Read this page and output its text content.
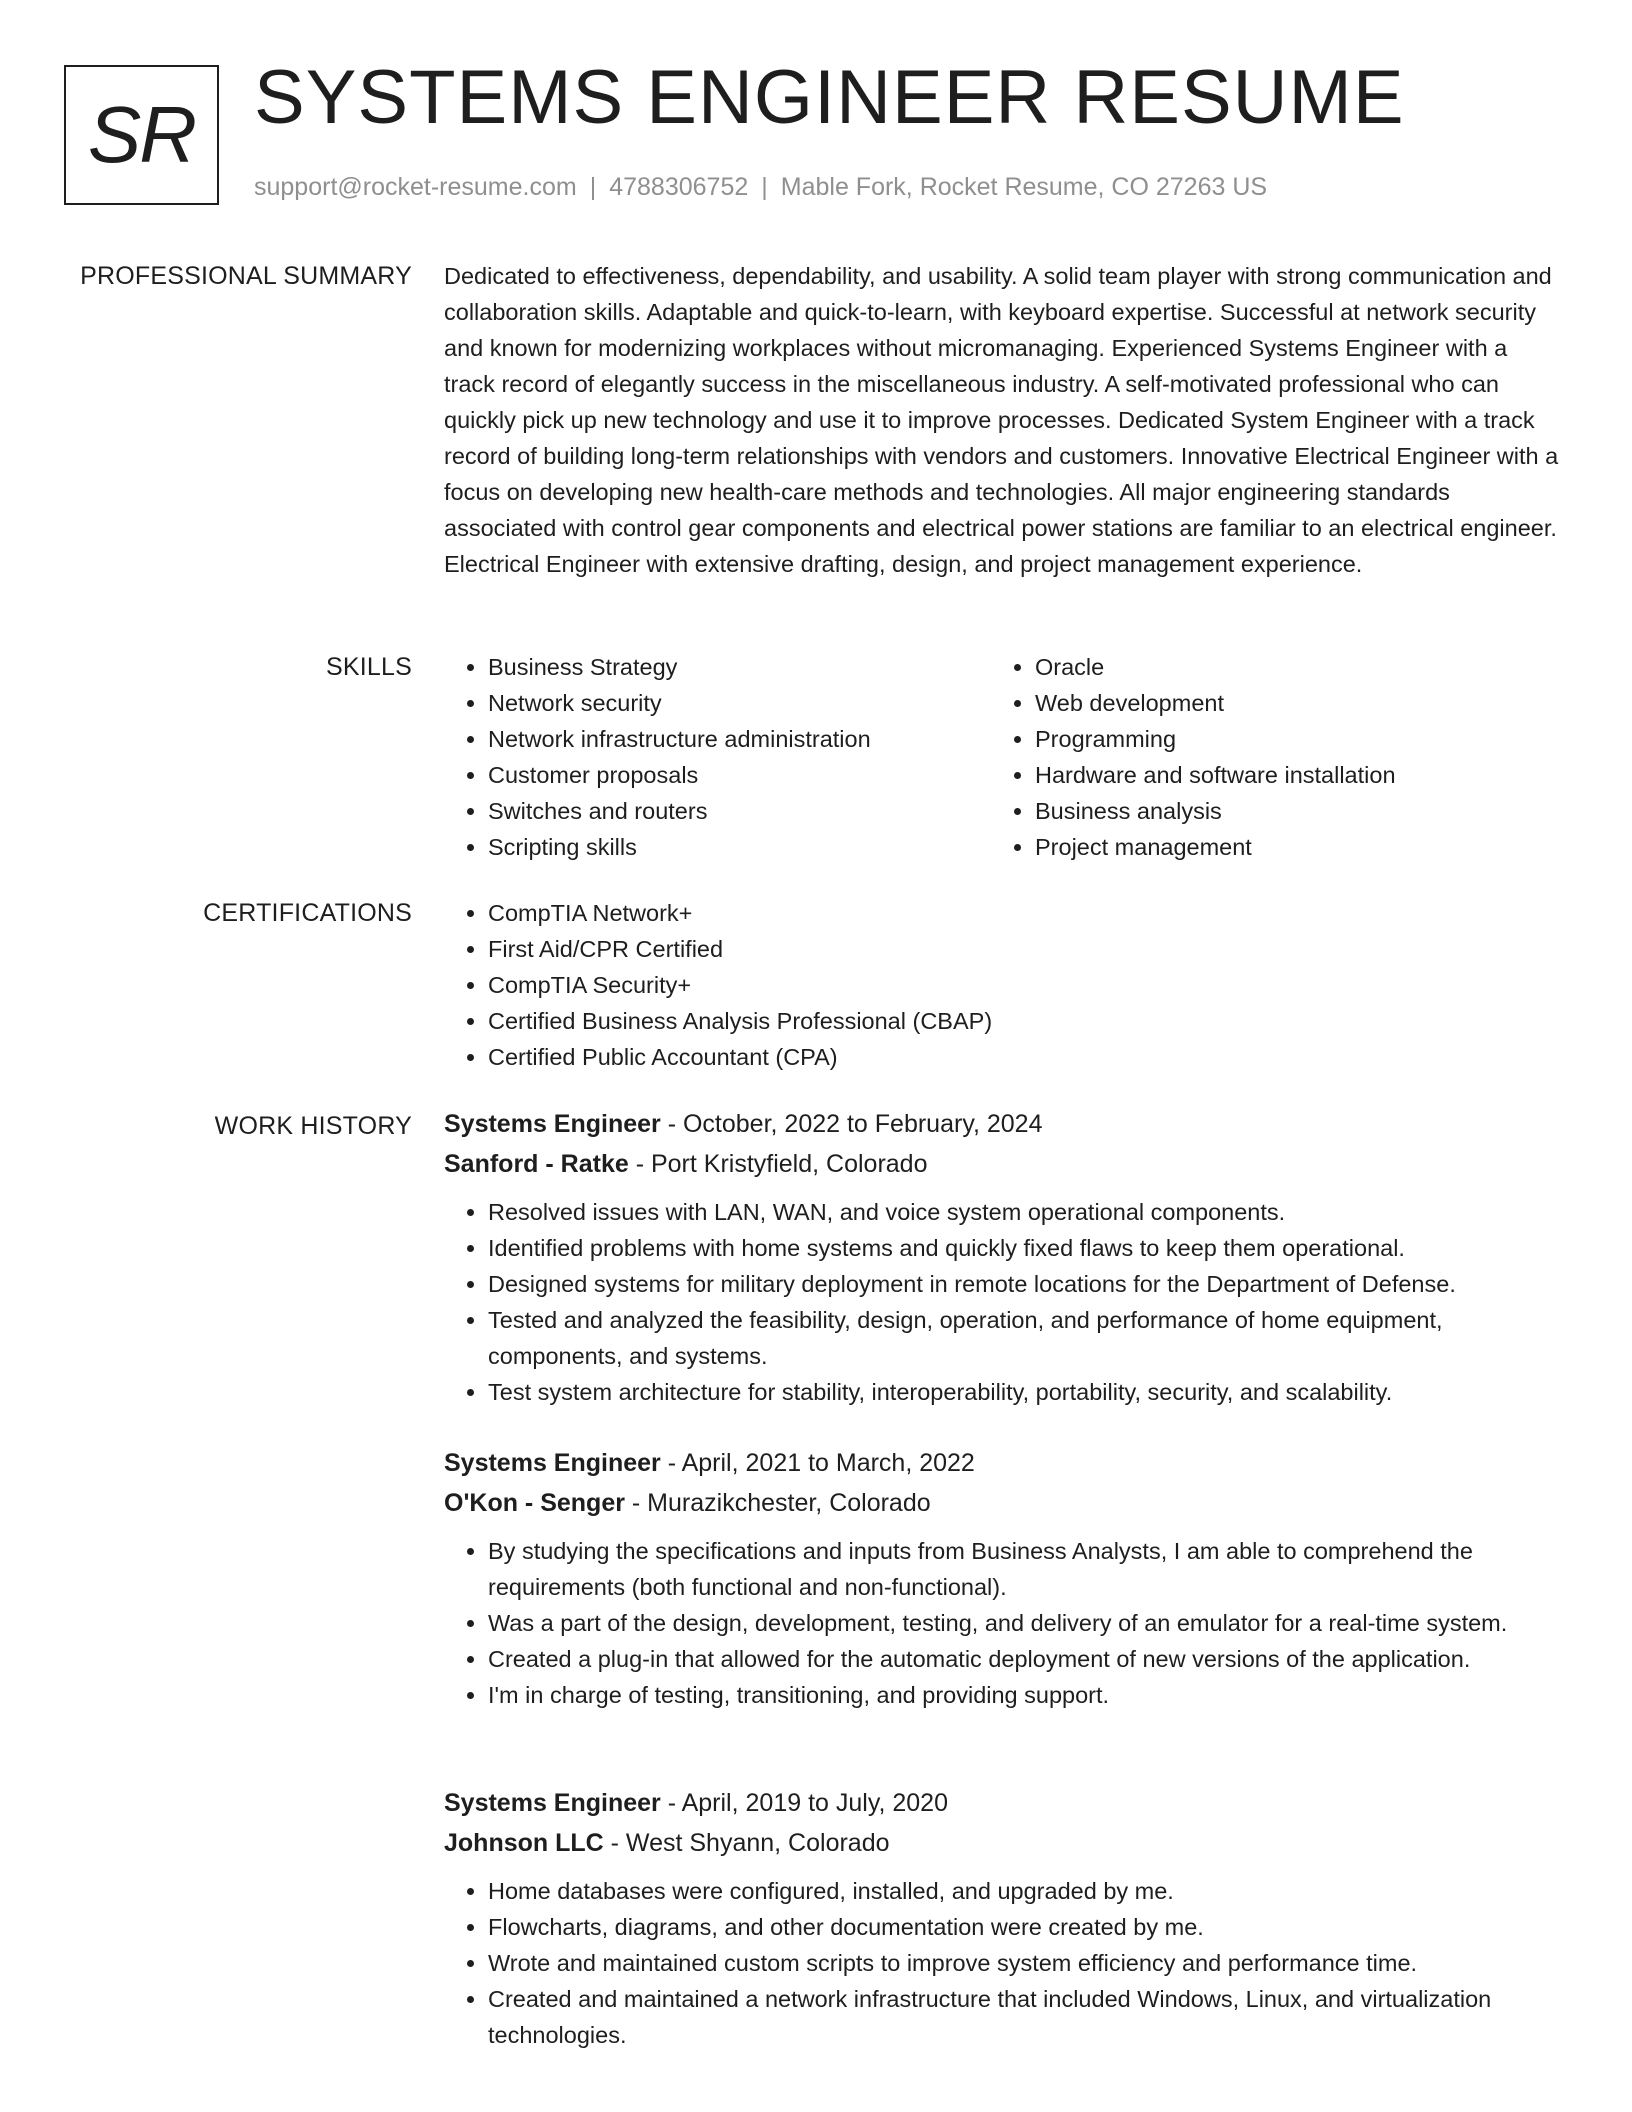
SR SYSTEMS ENGINEER RESUME
support@rocket-resume.com | 4788306752 | Mable Fork, Rocket Resume, CO 27263 US
PROFESSIONAL SUMMARY Dedicated to effectiveness, dependability, and usability. A solid team player with strong communication and collaboration skills. Adaptable and quick-to-learn, with keyboard expertise. Successful at network security and known for modernizing workplaces without micromanaging. Experienced Systems Engineer with a track record of elegantly success in the miscellaneous industry. A self-motivated professional who can quickly pick up new technology and use it to improve processes. Dedicated System Engineer with a track record of building long-term relationships with vendors and customers. Innovative Electrical Engineer with a focus on developing new health-care methods and technologies. All major engineering standards associated with control gear components and electrical power stations are familiar to an electrical engineer. Electrical Engineer with extensive drafting, design, and project management experience.
SKILLS	• Business Strategy
• Network security
• Network infrastructure administration
• Customer proposals
• Switches and routers
• Scripting skills
• Oracle
• Web development
• Programming
• Hardware and software installation
• Business analysis
• Project management
CERTIFICATIONS	• CompTIA Network+
• First Aid/CPR Certified
• CompTIA Security+
• Certified Business Analysis Professional (CBAP)
• Certified Public Accountant (CPA)
WORK HISTORY Systems Engineer - October, 2022 to February, 2024
Sanford - Ratke - Port Kristyfield, Colorado
• Resolved issues with LAN, WAN, and voice system operational components.
• Identified problems with home systems and quickly fixed flaws to keep them operational.
• Designed systems for military deployment in remote locations for the Department of Defense.
• Tested and analyzed the feasibility, design, operation, and performance of home equipment, components, and systems.
• Test system architecture for stability, interoperability, portability, security, and scalability.
Systems Engineer - April, 2021 to March, 2022
O'Kon - Senger - Murazikchester, Colorado
• By studying the specifications and inputs from Business Analysts, I am able to comprehend the requirements (both functional and non-functional).
• Was a part of the design, development, testing, and delivery of an emulator for a real-time system.
• Created a plug-in that allowed for the automatic deployment of new versions of the application.
• I'm in charge of testing, transitioning, and providing support.
Systems Engineer - April, 2019 to July, 2020
Johnson LLC - West Shyann, Colorado
• Home databases were configured, installed, and upgraded by me.
• Flowcharts, diagrams, and other documentation were created by me.
• Wrote and maintained custom scripts to improve system efficiency and performance time.
• Created and maintained a network infrastructure that included Windows, Linux, and virtualization technologies.
